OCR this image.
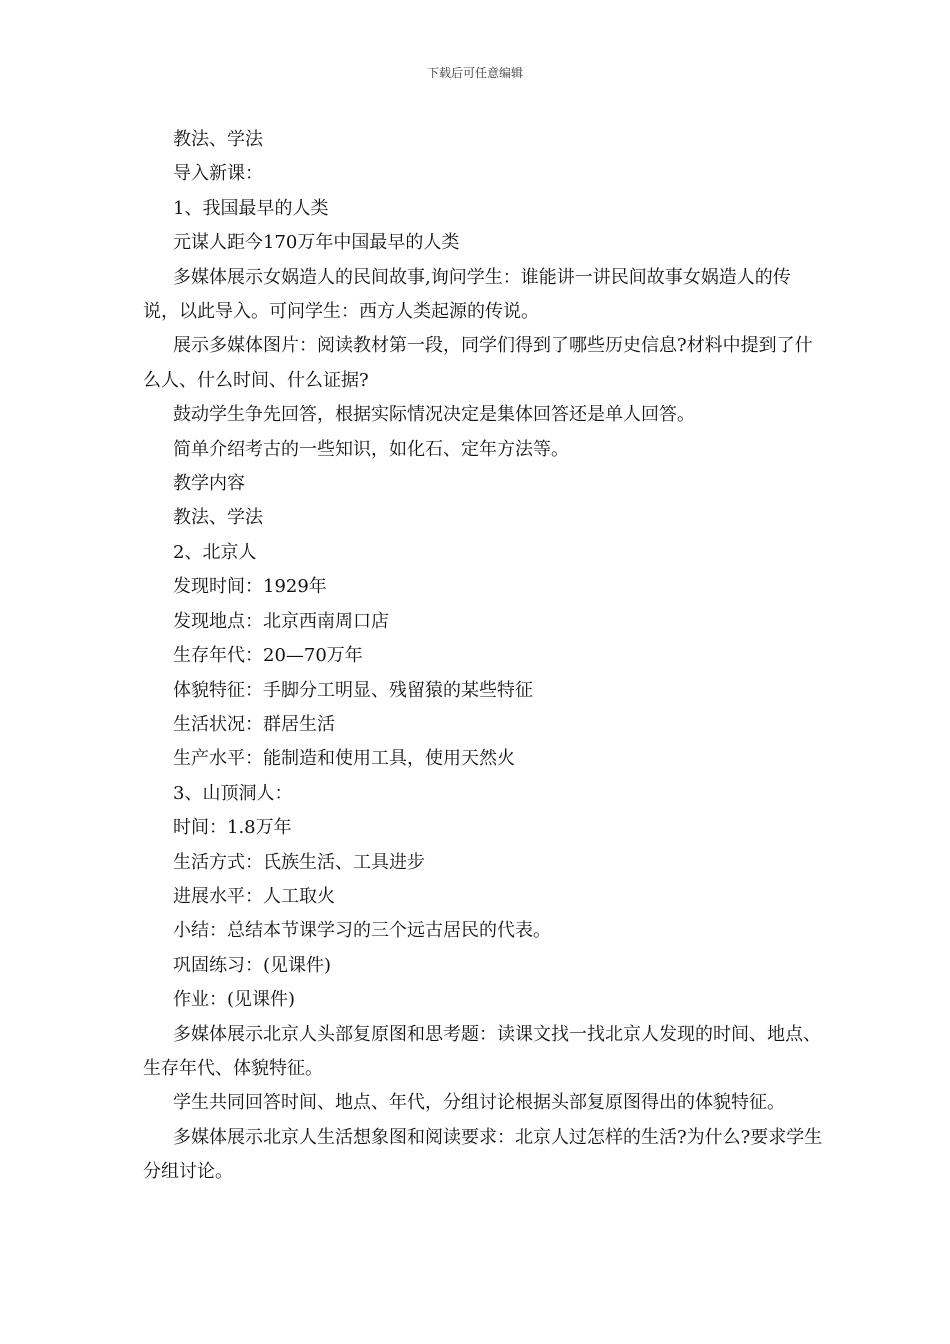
下载后可任意编辑

教法、学法

导入新课：

1、我国最早的人类

元谋人距今170万年中国最早的人类

多媒体展示女娲造人的民间故事,询问学生：谁能讲一讲民间故事女娲造人的传说，以此导入。可问学生：西方人类起源的传说。

展示多媒体图片：阅读教材第一段，同学们得到了哪些历史信息?材料中提到了什么人、什么时间、什么证据?

鼓动学生争先回答，根据实际情况决定是集体回答还是单人回答。

简单介绍考古的一些知识，如化石、定年方法等。

教学内容

教法、学法

2、北京人

发现时间：1929年

发现地点：北京西南周口店

生存年代：20—70万年

体貌特征：手脚分工明显、残留猿的某些特征

生活状况：群居生活

生产水平：能制造和使用工具，使用天然火

3、山顶洞人：

时间：1.8万年

生活方式：氏族生活、工具进步

进展水平：人工取火

小结：总结本节课学习的三个远古居民的代表。

巩固练习：(见课件)

作业：(见课件)

多媒体展示北京人头部复原图和思考题：读课文找一找北京人发现的时间、地点、生存年代、体貌特征。

学生共同回答时间、地点、年代，分组讨论根据头部复原图得出的体貌特征。

多媒体展示北京人生活想象图和阅读要求：北京人过怎样的生活?为什么?要求学生分组讨论。
